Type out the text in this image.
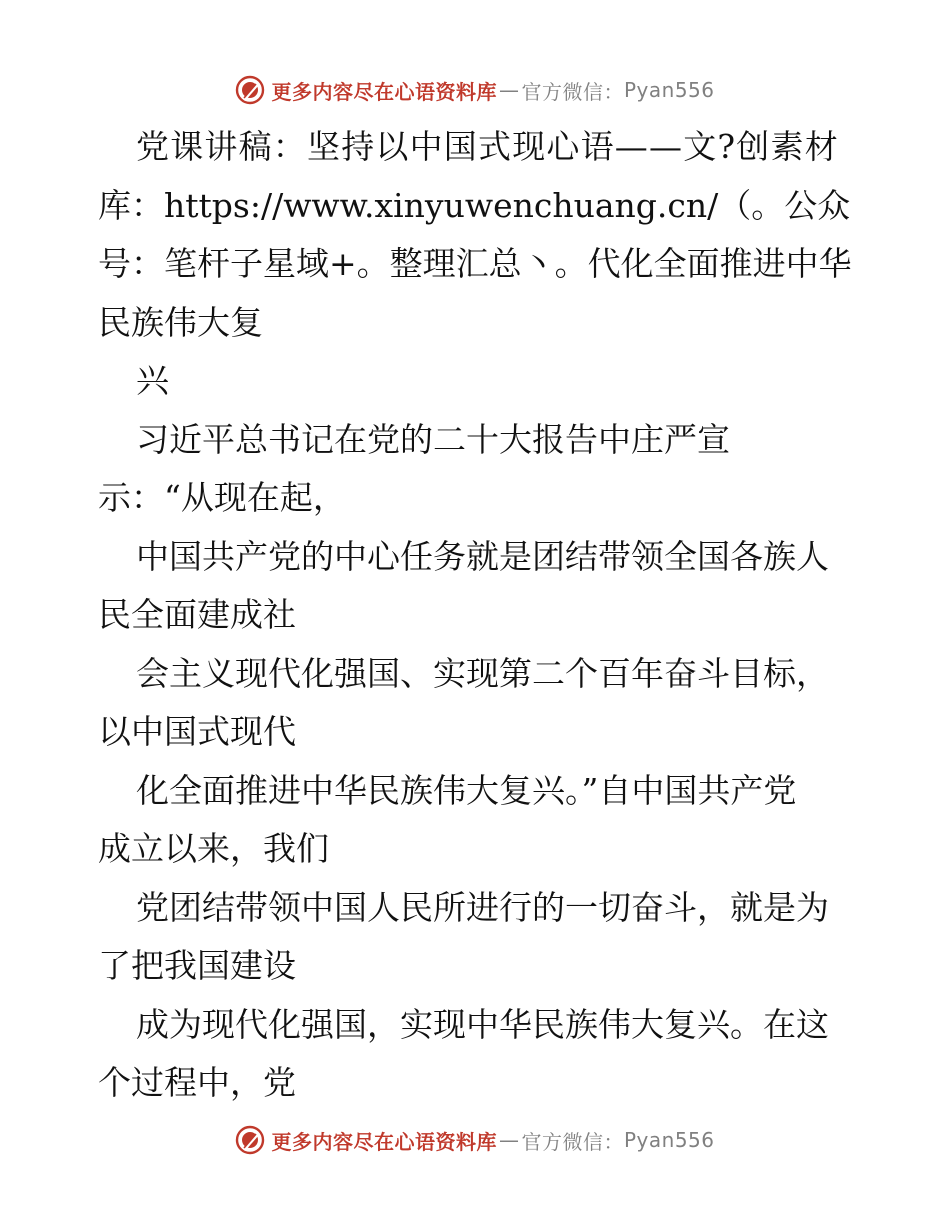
更多内容尽在心语资料库 — 官方微信： Pyan556
党课讲稿：坚持以中国式现心语——文?创素材
库：https://www.xinyuwenchuang.cn/（。公众
号：笔杆子星域+。整理汇总丶。代化全面推进中华
民族伟大复
兴
习近平总书记在党的二十大报告中庄严宣
示：“从现在起，
中国共产党的中心任务就是团结带领全国各族人
民全面建成社
会主义现代化强国、实现第二个百年奋斗目标，
以中国式现代
化全面推进中华民族伟大复兴。”自中国共产党
成立以来，我们
党团结带领中国人民所进行的一切奋斗，就是为
了把我国建设
成为现代化强国，实现中华民族伟大复兴。在这
个过程中，党
更多内容尽在心语资料库 — 官方微信： Pyan556
